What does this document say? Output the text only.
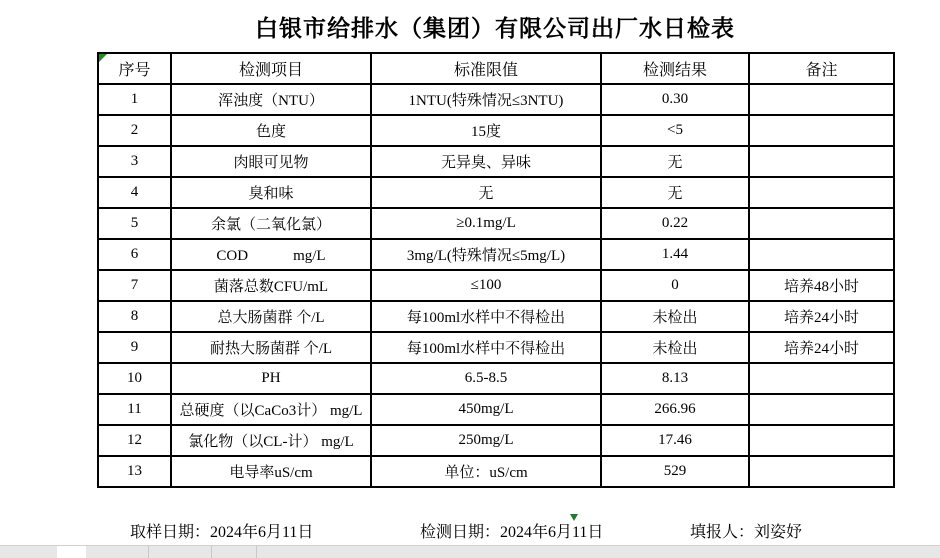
白银市给排水（集团）有限公司出厂水日检表
序号	检测项目	标准限值	检测结果	备注
1	浑浊度（NTU）	1NTU(特殊情况≤3NTU)	0.30	
2	色度	15度	<5	
3	肉眼可见物	无异臭、异味	无	
4	臭和味	无	无	
5	余氯（二氧化氯）	≥0.1mg/L	0.22	
6	COD　　　mg/L	3mg/L(特殊情况≤5mg/L)	1.44	
7	菌落总数CFU/mL	≤100	0	培养48小时
8	总大肠菌群 个/L	每100ml水样中不得检出	未检出	培养24小时
9	耐热大肠菌群 个/L	每100ml水样中不得检出	未检出	培养24小时
10	PH	6.5-8.5	8.13	
11	总硬度（以CaCo3计） mg/L	450mg/L	266.96	
12	氯化物（以CL-计） mg/L	250mg/L	17.46	
13	电导率uS/cm	单位：uS/cm	529	
取样日期：2024年6月11日	检测日期：2024年6月11日	填报人：刘姿妤
